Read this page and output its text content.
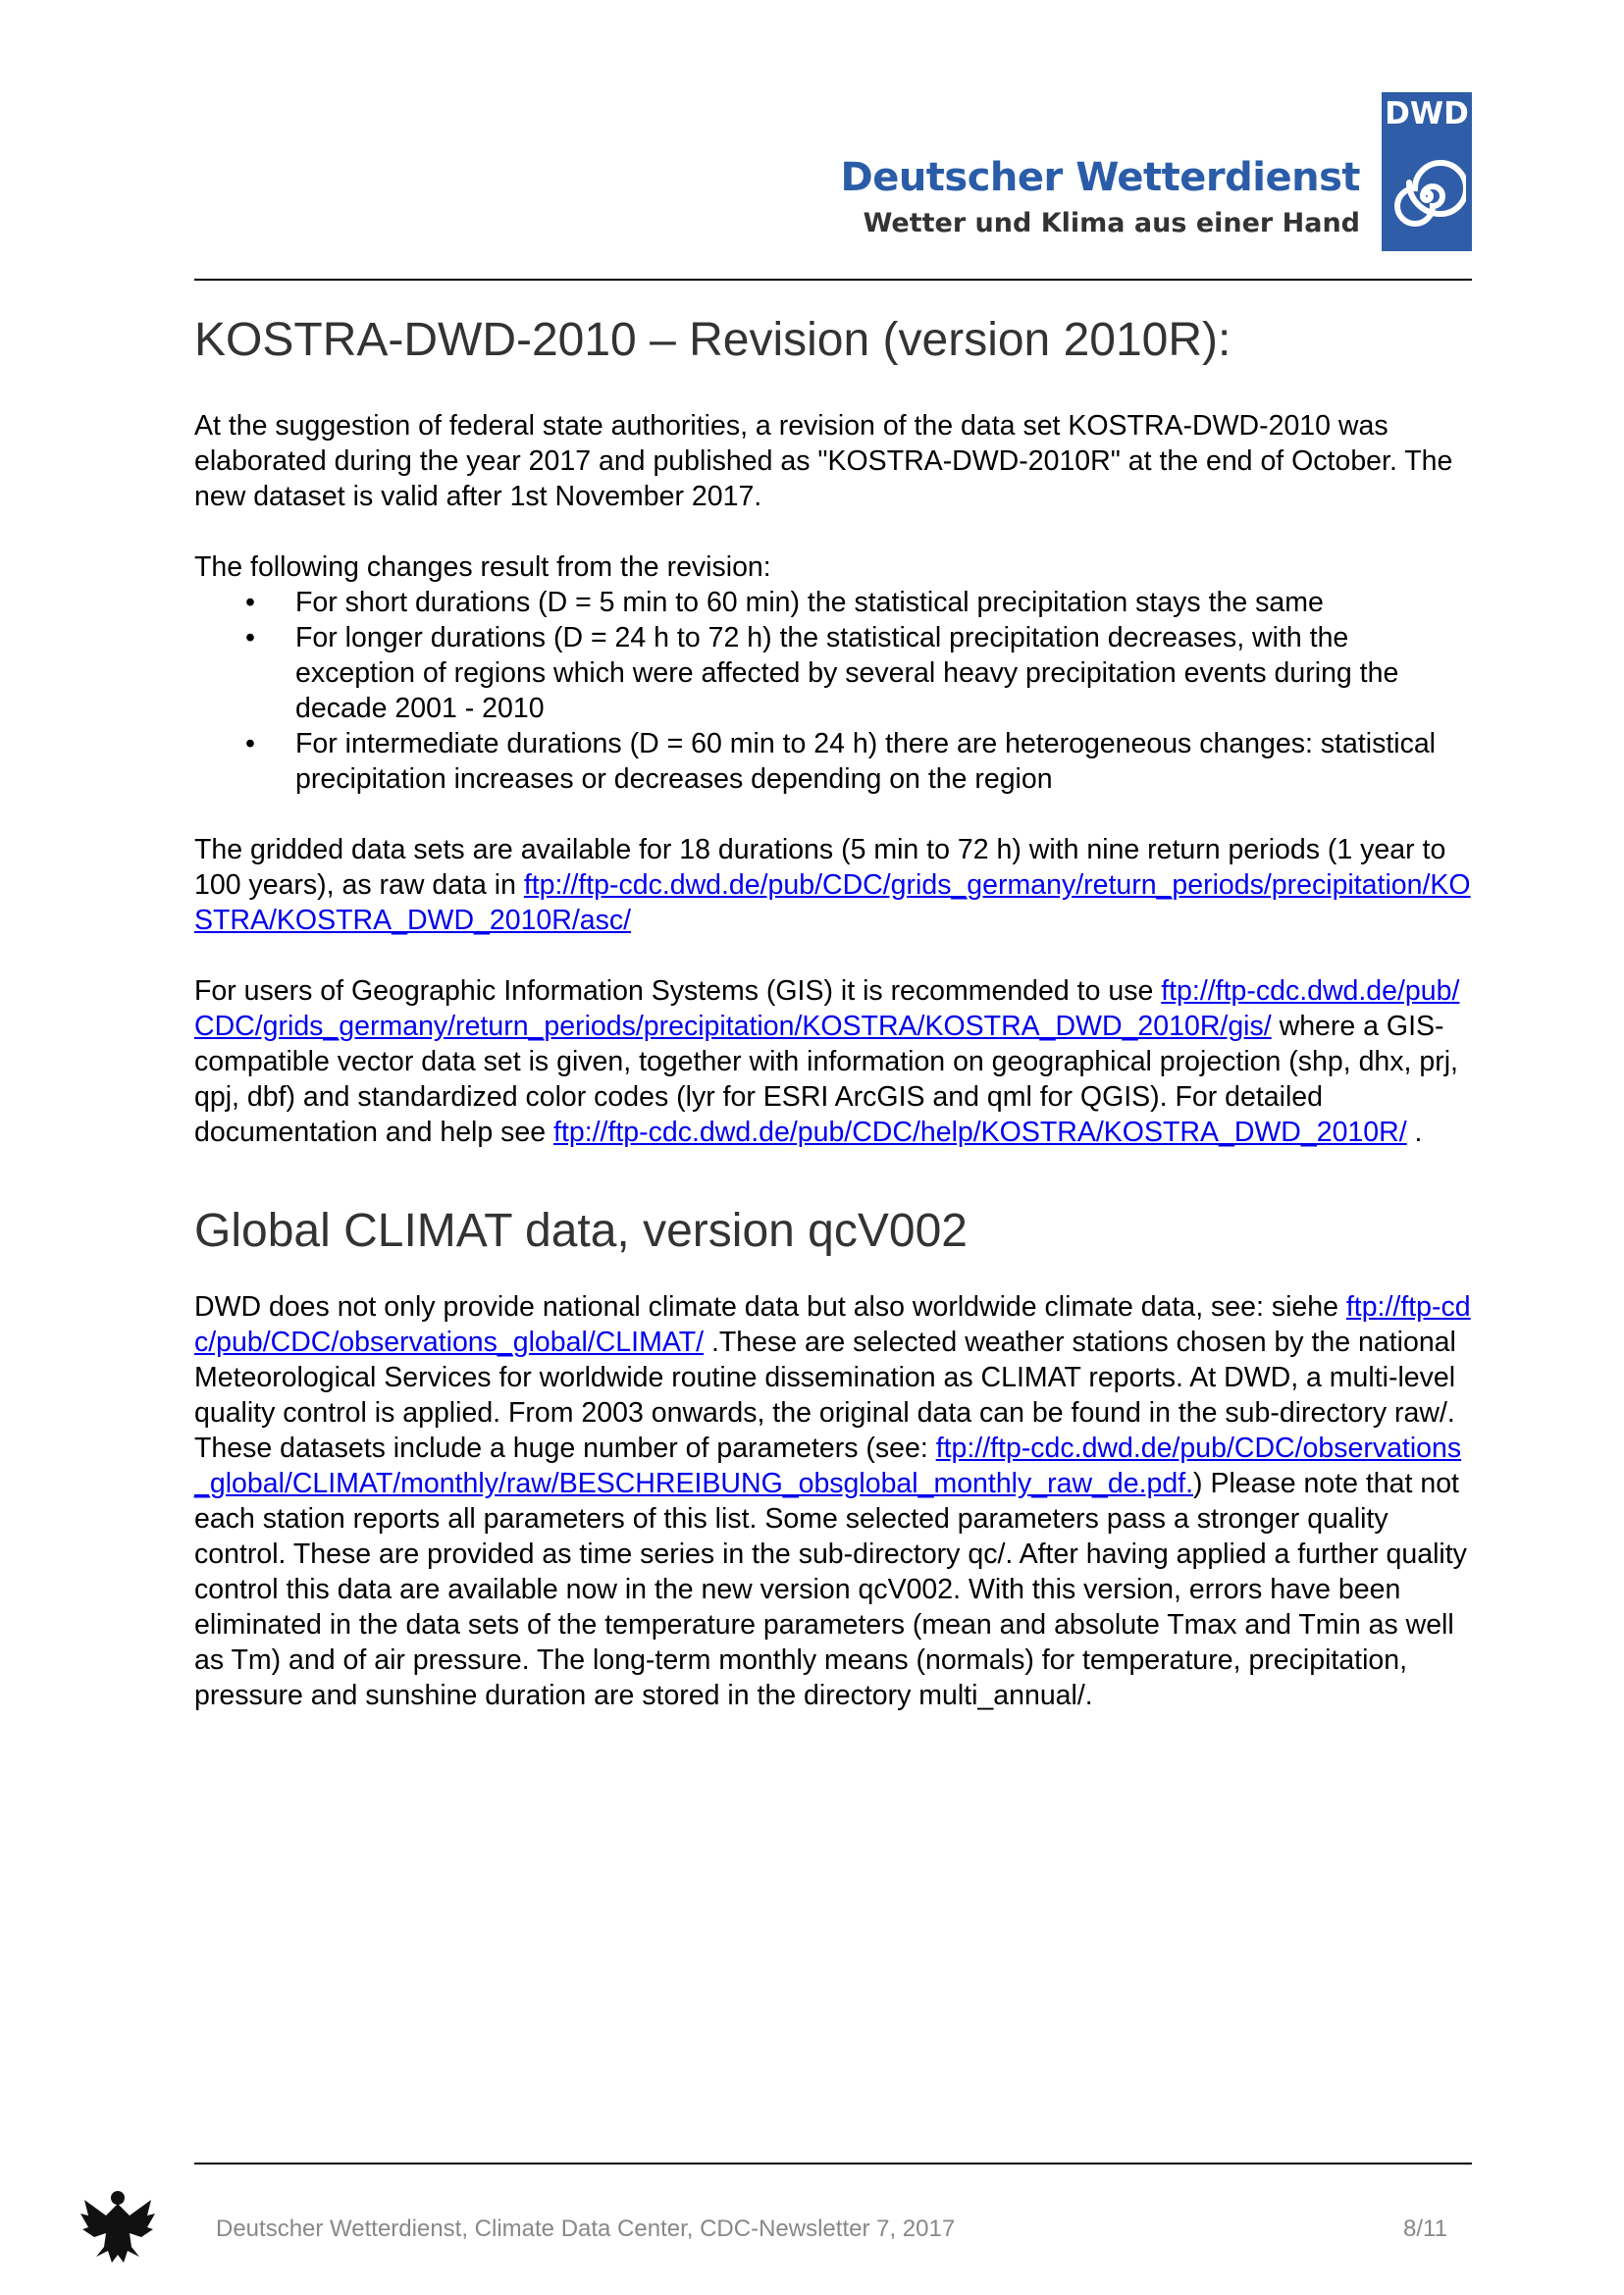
Deutscher Wetterdienst
Wetter und Klima aus einer Hand
DWD
KOSTRA-DWD-2010 – Revision (version 2010R):

At the suggestion of federal state authorities, a revision of the data set KOSTRA-DWD-2010 was elaborated during the year 2017 and published as "KOSTRA-DWD-2010R" at the end of October. The new dataset is valid after 1st November 2017.

The following changes result from the revision:

• For short durations (D = 5 min to 60 min) the statistical precipitation stays the same
• For longer durations (D = 24 h to 72 h) the statistical precipitation decreases, with the exception of regions which were affected by several heavy precipitation events during the decade 2001 - 2010
• For intermediate durations (D = 60 min to 24 h) there are heterogeneous changes: statistical precipitation increases or decreases depending on the region

The gridded data sets are available for 18 durations (5 min to 72 h) with nine return periods (1 year to 100 years), as raw data in ftp://ftp-cdc.dwd.de/pub/CDC/grids_germany/return_periods/precipitation/KOSTRA/KOSTRA_DWD_2010R/asc/

For users of Geographic Information Systems (GIS) it is recommended to use ftp://ftp-cdc.dwd.de/pub/CDC/grids_germany/return_periods/precipitation/KOSTRA/KOSTRA_DWD_2010R/gis/ where a GIS- compatible vector data set is given, together with information on geographical projection (shp, dhx, prj, qpj, dbf) and standardized color codes (lyr for ESRI ArcGIS and qml for QGIS). For detailed documentation and help see ftp://ftp-cdc.dwd.de/pub/CDC/help/KOSTRA/KOSTRA_DWD_2010R/ .

Global CLIMAT data, version qcV002

DWD does not only provide national climate data but also worldwide climate data, see: siehe ftp://ftp-cdc/pub/CDC/observations_global/CLIMAT/ .These are selected weather stations chosen by the national Meteorological Services for worldwide routine dissemination as CLIMAT reports. At DWD, a multi-level quality control is applied. From 2003 onwards, the original data can be found in the sub-directory raw/. These datasets include a huge number of parameters (see: ftp://ftp-cdc.dwd.de/pub/CDC/observations_global/CLIMAT/monthly/raw/BESCHREIBUNG_obsglobal_monthly_raw_de.pdf.) Please note that not each station reports all parameters of this list. Some selected parameters pass a stronger quality control. These are provided as time series in the sub-directory qc/. After having applied a further quality control this data are available now in the new version qcV002. With this version, errors have been eliminated in the data sets of the temperature parameters (mean and absolute Tmax and Tmin as well as Tm) and of air pressure. The long-term monthly means (normals) for temperature, precipitation, pressure and sunshine duration are stored in the directory multi_annual/.

Deutscher Wetterdienst, Climate Data Center, CDC-Newsletter 7, 2017	8/11
